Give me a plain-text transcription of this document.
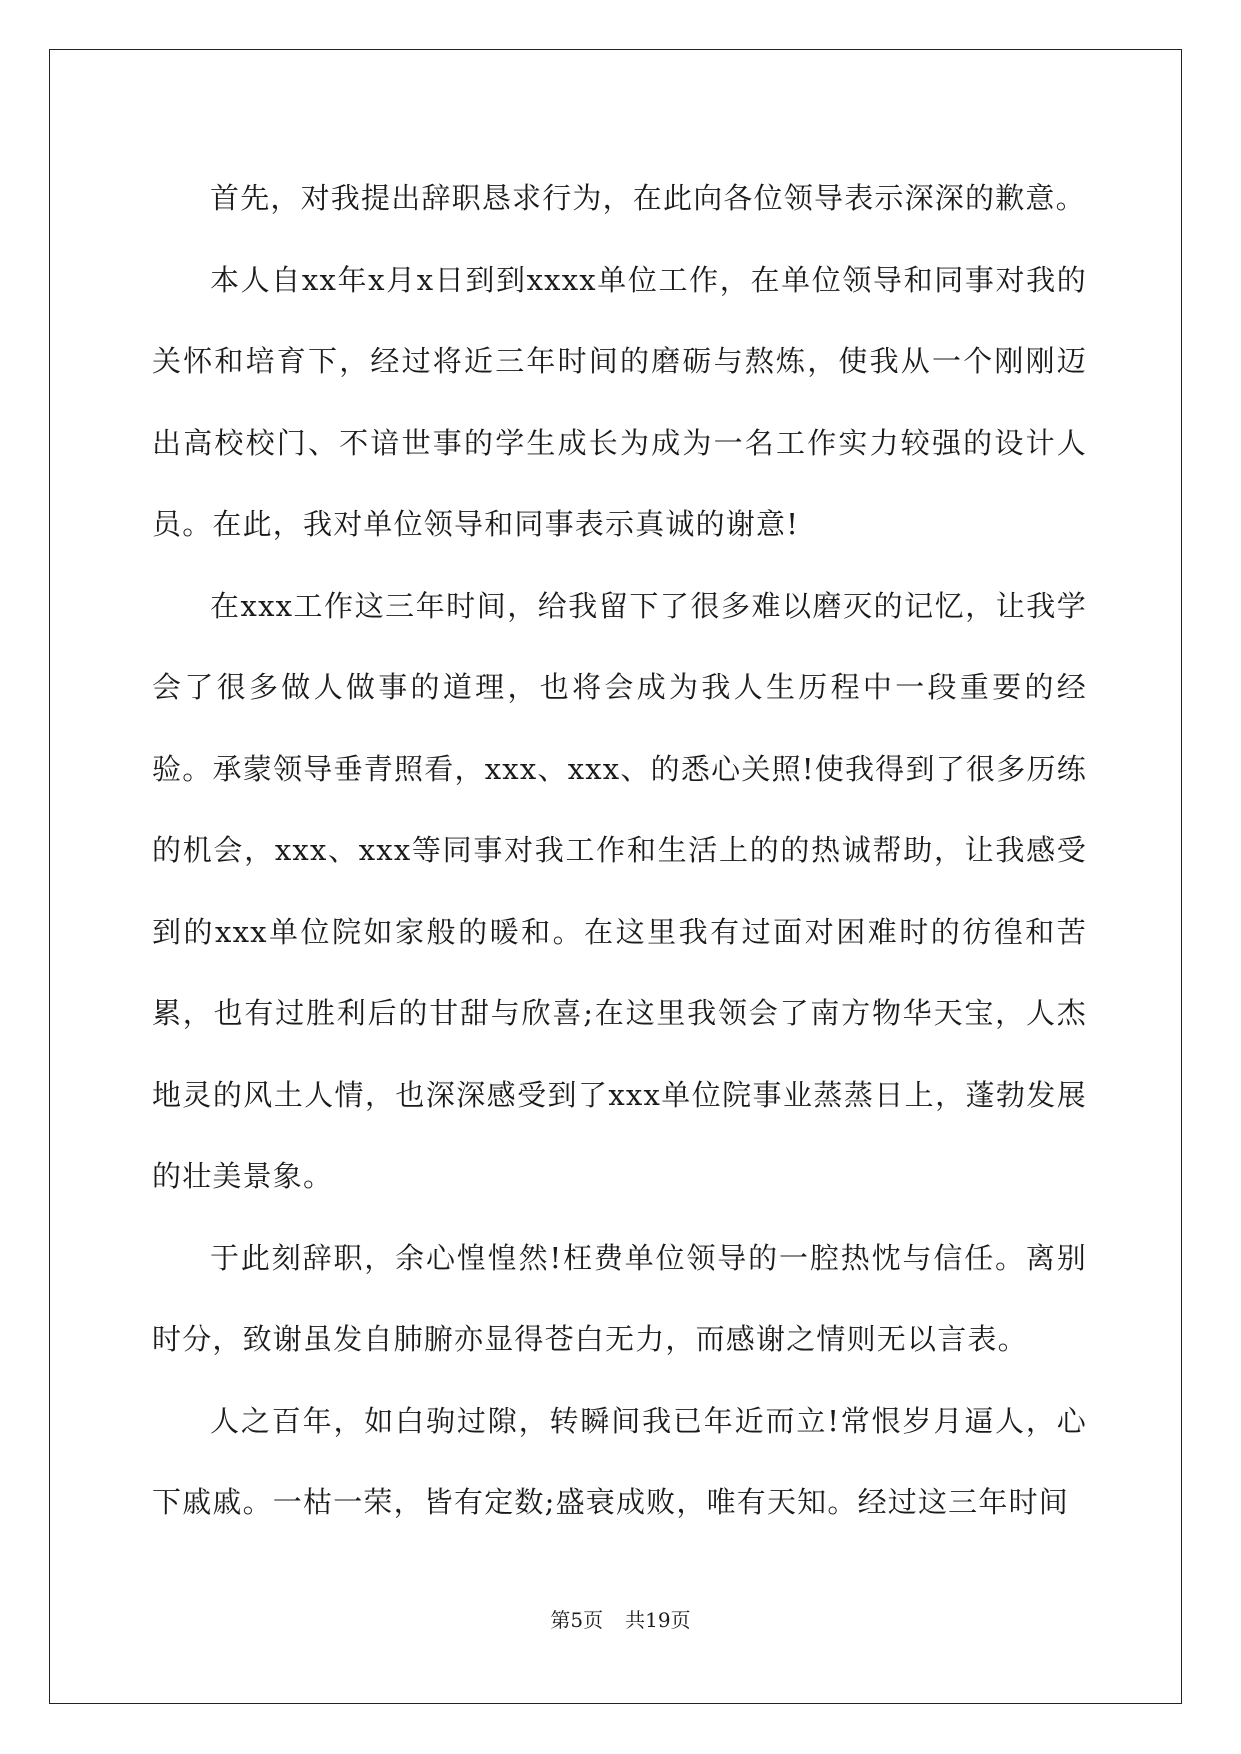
首先，对我提出辞职恳求行为，在此向各位领导表示深深的歉意。

本人自xx年x月x日到到xxxx单位工作，在单位领导和同事对我的关怀和培育下，经过将近三年时间的磨砺与熬炼，使我从一个刚刚迈出高校校门、不谙世事的学生成长为成为一名工作实力较强的设计人员。在此，我对单位领导和同事表示真诚的谢意!

在xxx工作这三年时间，给我留下了很多难以磨灭的记忆，让我学会了很多做人做事的道理，也将会成为我人生历程中一段重要的经验。承蒙领导垂青照看，xxx、xxx、的悉心关照!使我得到了很多历练的机会，xxx、xxx等同事对我工作和生活上的的热诚帮助，让我感受到的xxx单位院如家般的暖和。在这里我有过面对困难时的彷徨和苦累，也有过胜利后的甘甜与欣喜;在这里我领会了南方物华天宝，人杰地灵的风土人情，也深深感受到了xxx单位院事业蒸蒸日上，蓬勃发展的壮美景象。

于此刻辞职，余心惶惶然!枉费单位领导的一腔热忱与信任。离别时分，致谢虽发自肺腑亦显得苍白无力，而感谢之情则无以言表。

人之百年，如白驹过隙，转瞬间我已年近而立!常恨岁月逼人，心下戚戚。一枯一荣，皆有定数;盛衰成败，唯有天知。经过这三年时间

第5页 共19页
